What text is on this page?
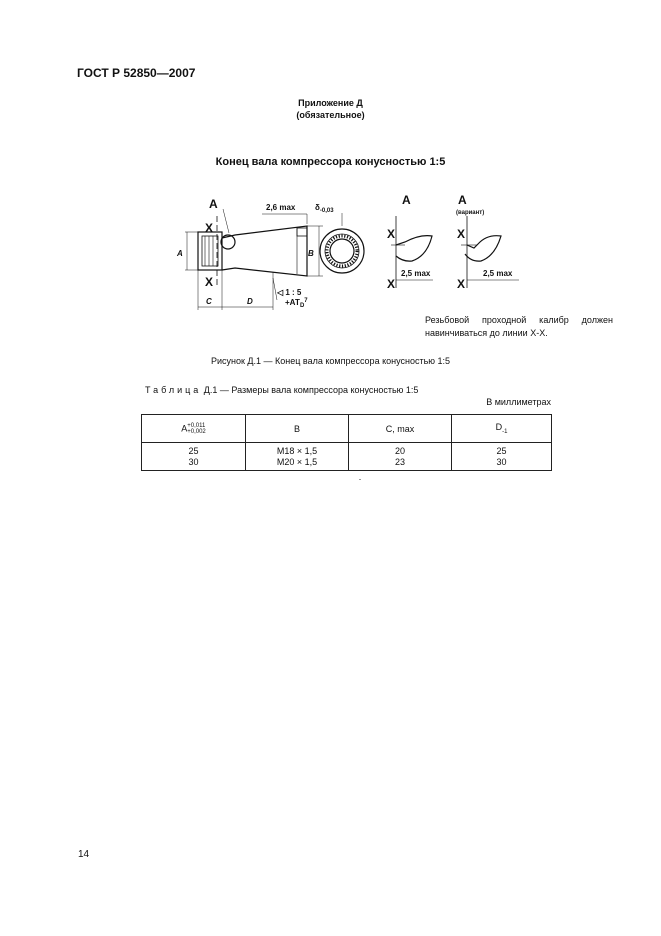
ГОСТ Р 52850—2007
Приложение Д
(обязательное)
Конец вала компрессора конусностью 1:5
А
X
X
А
X
X
А
X
X
А	В
С	D
2,6 $\max \delta_{-0,03}$
◁ 1 : 5
$+АТ_D^7$
2,5 max	2,5 max
(вариант)
Резьбовой проходной калибр должен навинчиваться до линии Х-Х.
Рисунок Д.1 — Конец вала компрессора конусностью 1:5
Таблица Д.1 — Размеры вала компрессора конусностью 1:5
В миллиметрах
А+0,011
+0,002	В	С, max	$D_{-1}$
25	М18 × 1,5	20	25
30	М20 × 1,5	23	30
14
